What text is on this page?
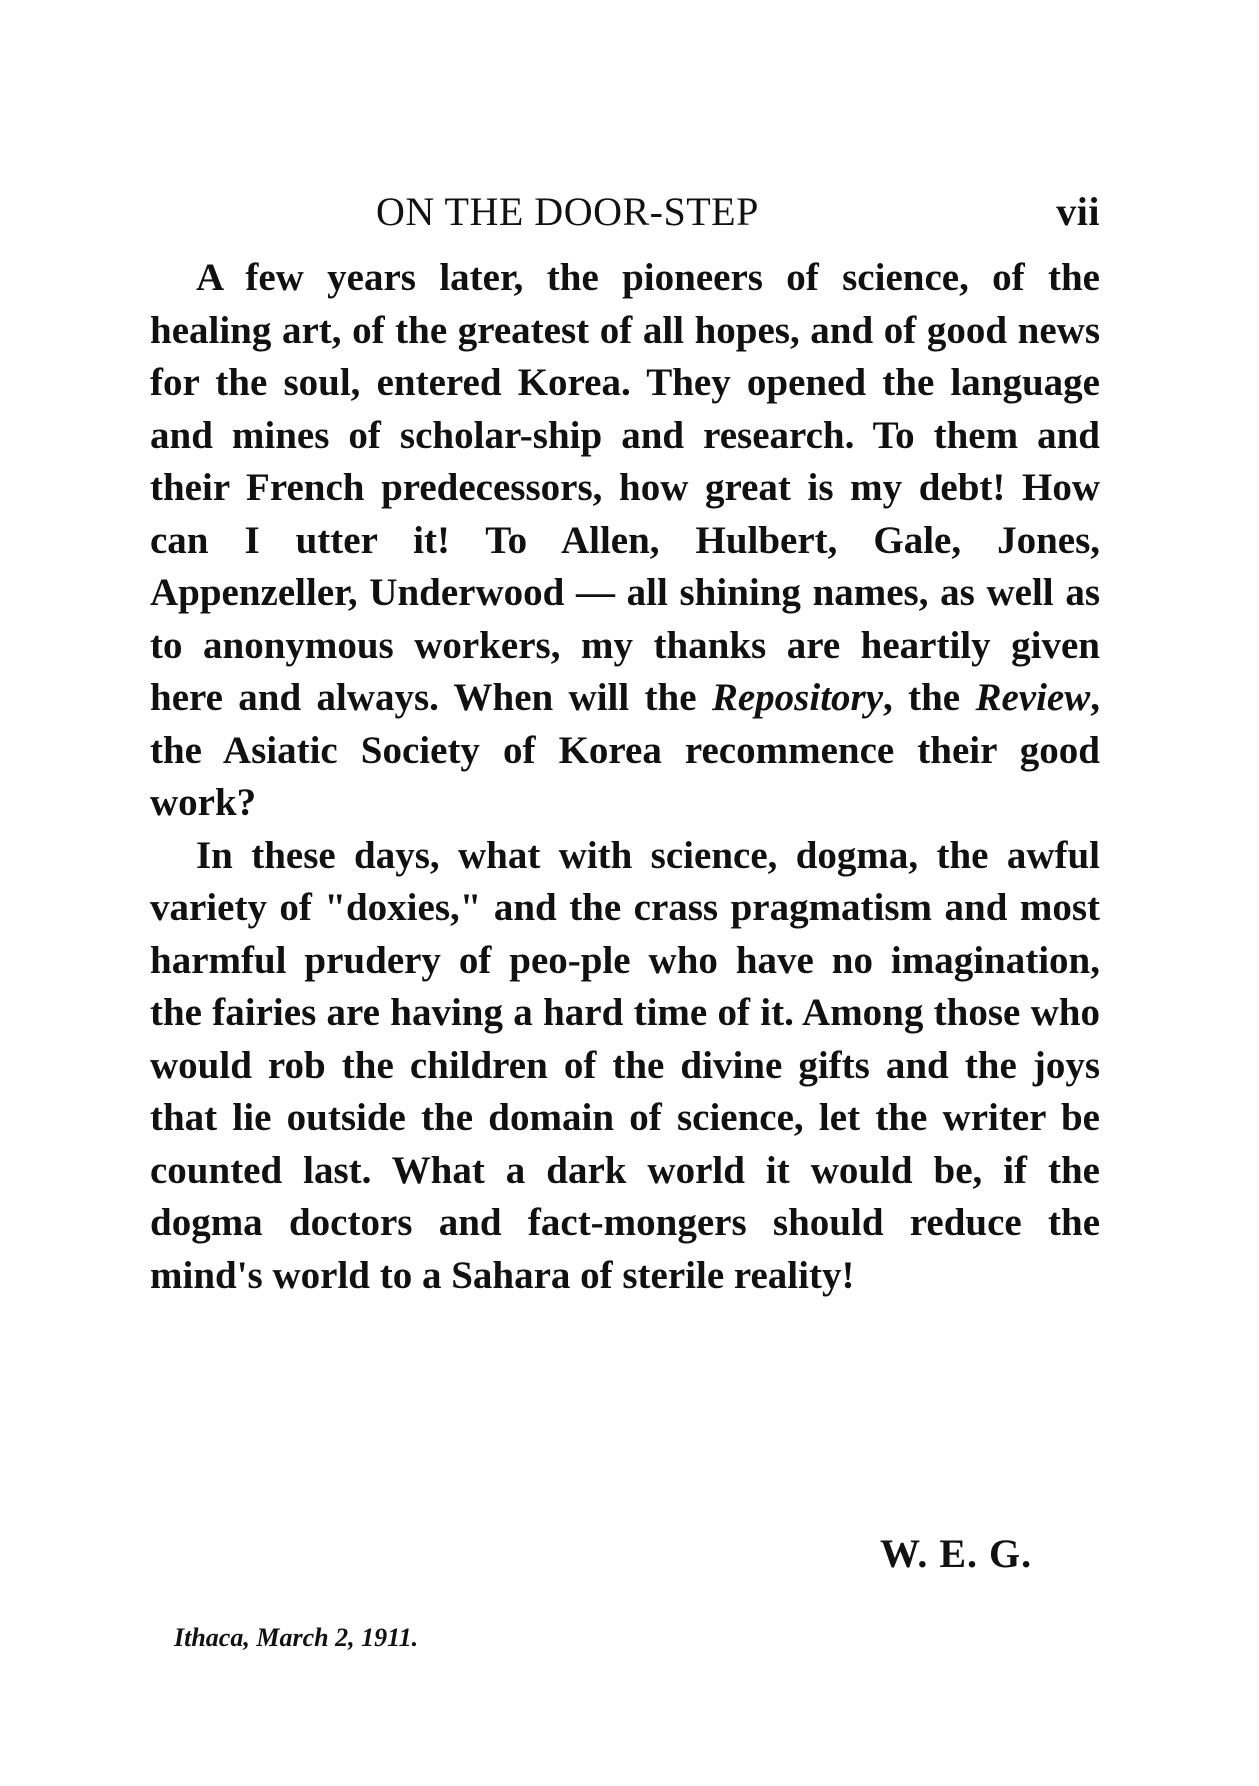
ON THE DOOR-STEP	vii

A few years later, the pioneers of science, of the healing art, of the greatest of all hopes, and of good news for the soul, entered Korea. They opened the language and mines of scholar-ship and research. To them and their French predecessors, how great is my debt! How can I utter it! To Allen, Hulbert, Gale, Jones, Appenzeller, Underwood — all shining names, as well as to anonymous workers, my thanks are heartily given here and always. When will the Repository, the Review, the Asiatic Society of Korea recommence their good work?

In these days, what with science, dogma, the awful variety of "doxies," and the crass pragmatism and most harmful prudery of peo-ple who have no imagination, the fairies are having a hard time of it. Among those who would rob the children of the divine gifts and the joys that lie outside the domain of science, let the writer be counted last. What a dark world it would be, if the dogma doctors and fact-mongers should reduce the mind's world to a Sahara of sterile reality!

W. E. G.
Ithaca, March 2, 1911.
